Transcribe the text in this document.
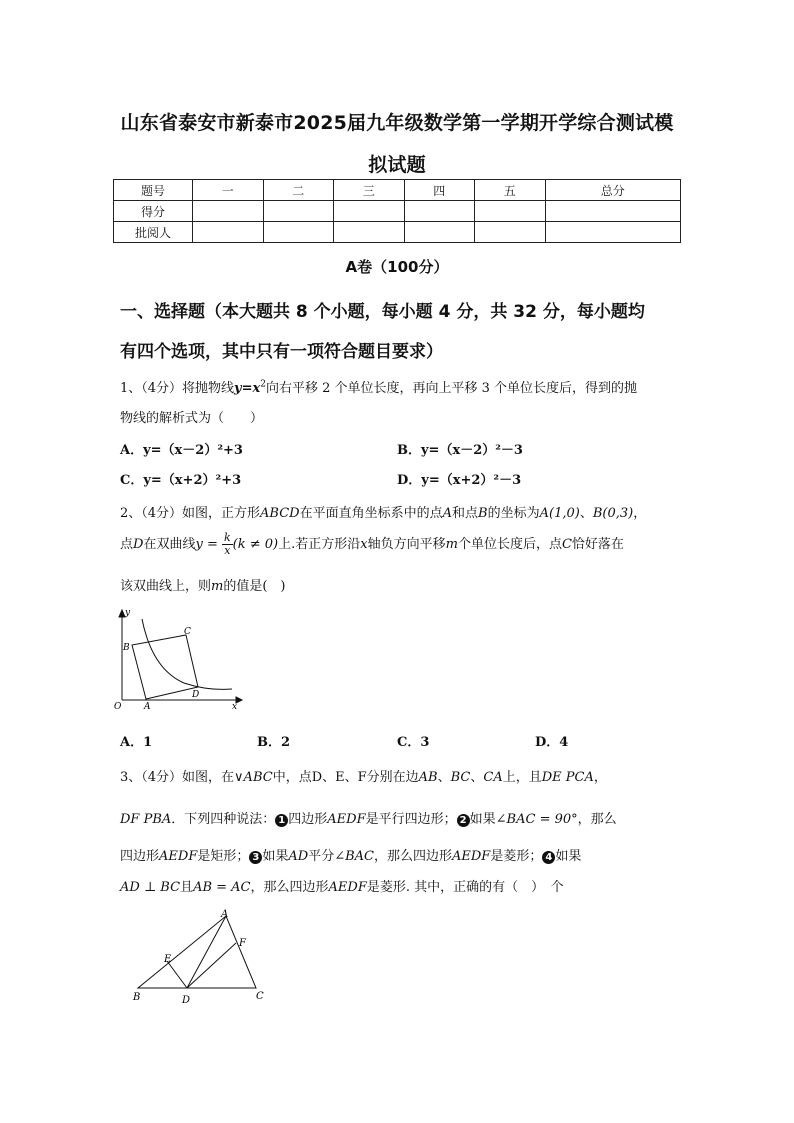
山东省泰安市新泰市2025届九年级数学第一学期开学综合测试模
拟试题
题号	一	二	三	四	五	总分
得分						
批阅人						
A卷（100分）
一、选择题（本大题共 8 个小题，每小题 4 分，共 32 分，每小题均
有四个选项，其中只有一项符合题目要求）
1、（4分）将抛物线$y=x^2$向右平移 2 个单位长度，再向上平移 3 个单位长度后，得到的抛
物线的解析式为（　　）
A．y=（x－2）²+3	B．y=（x－2）²－3
C．y=（x+2）²+3	D．y=（x+2）²－3
2、（4分）如图，正方形ABCD在平面直角坐标系中的点A和点B的坐标为A(1,0)、B(0,3)，
点D在双曲线$y = \frac{k}{x} (k \ne 0)$上.若正方形沿x轴负方向平移m个单位长度后，点C恰好落在
该双曲线上，则m的值是(　)
y
x
O	A
B
C
D
A．1	B．2	C．3	D．4
3、（4分）如图，在∨ABC中，点D、E、F分别在边AB、BC、CA上，且DE PCA，
DF PBA．下列四种说法： 1 四边形AEDF是平行四边形； 2 如果∠BAC = 90°，那么
四边形AEDF是矩形； 3 如果AD平分∠BAC，那么四边形AEDF是菱形； 4 如果
AD ⊥ BC且AB = AC，那么四边形AEDF是菱形. 其中，正确的有（　）　个
A
B	C
D
E
F
